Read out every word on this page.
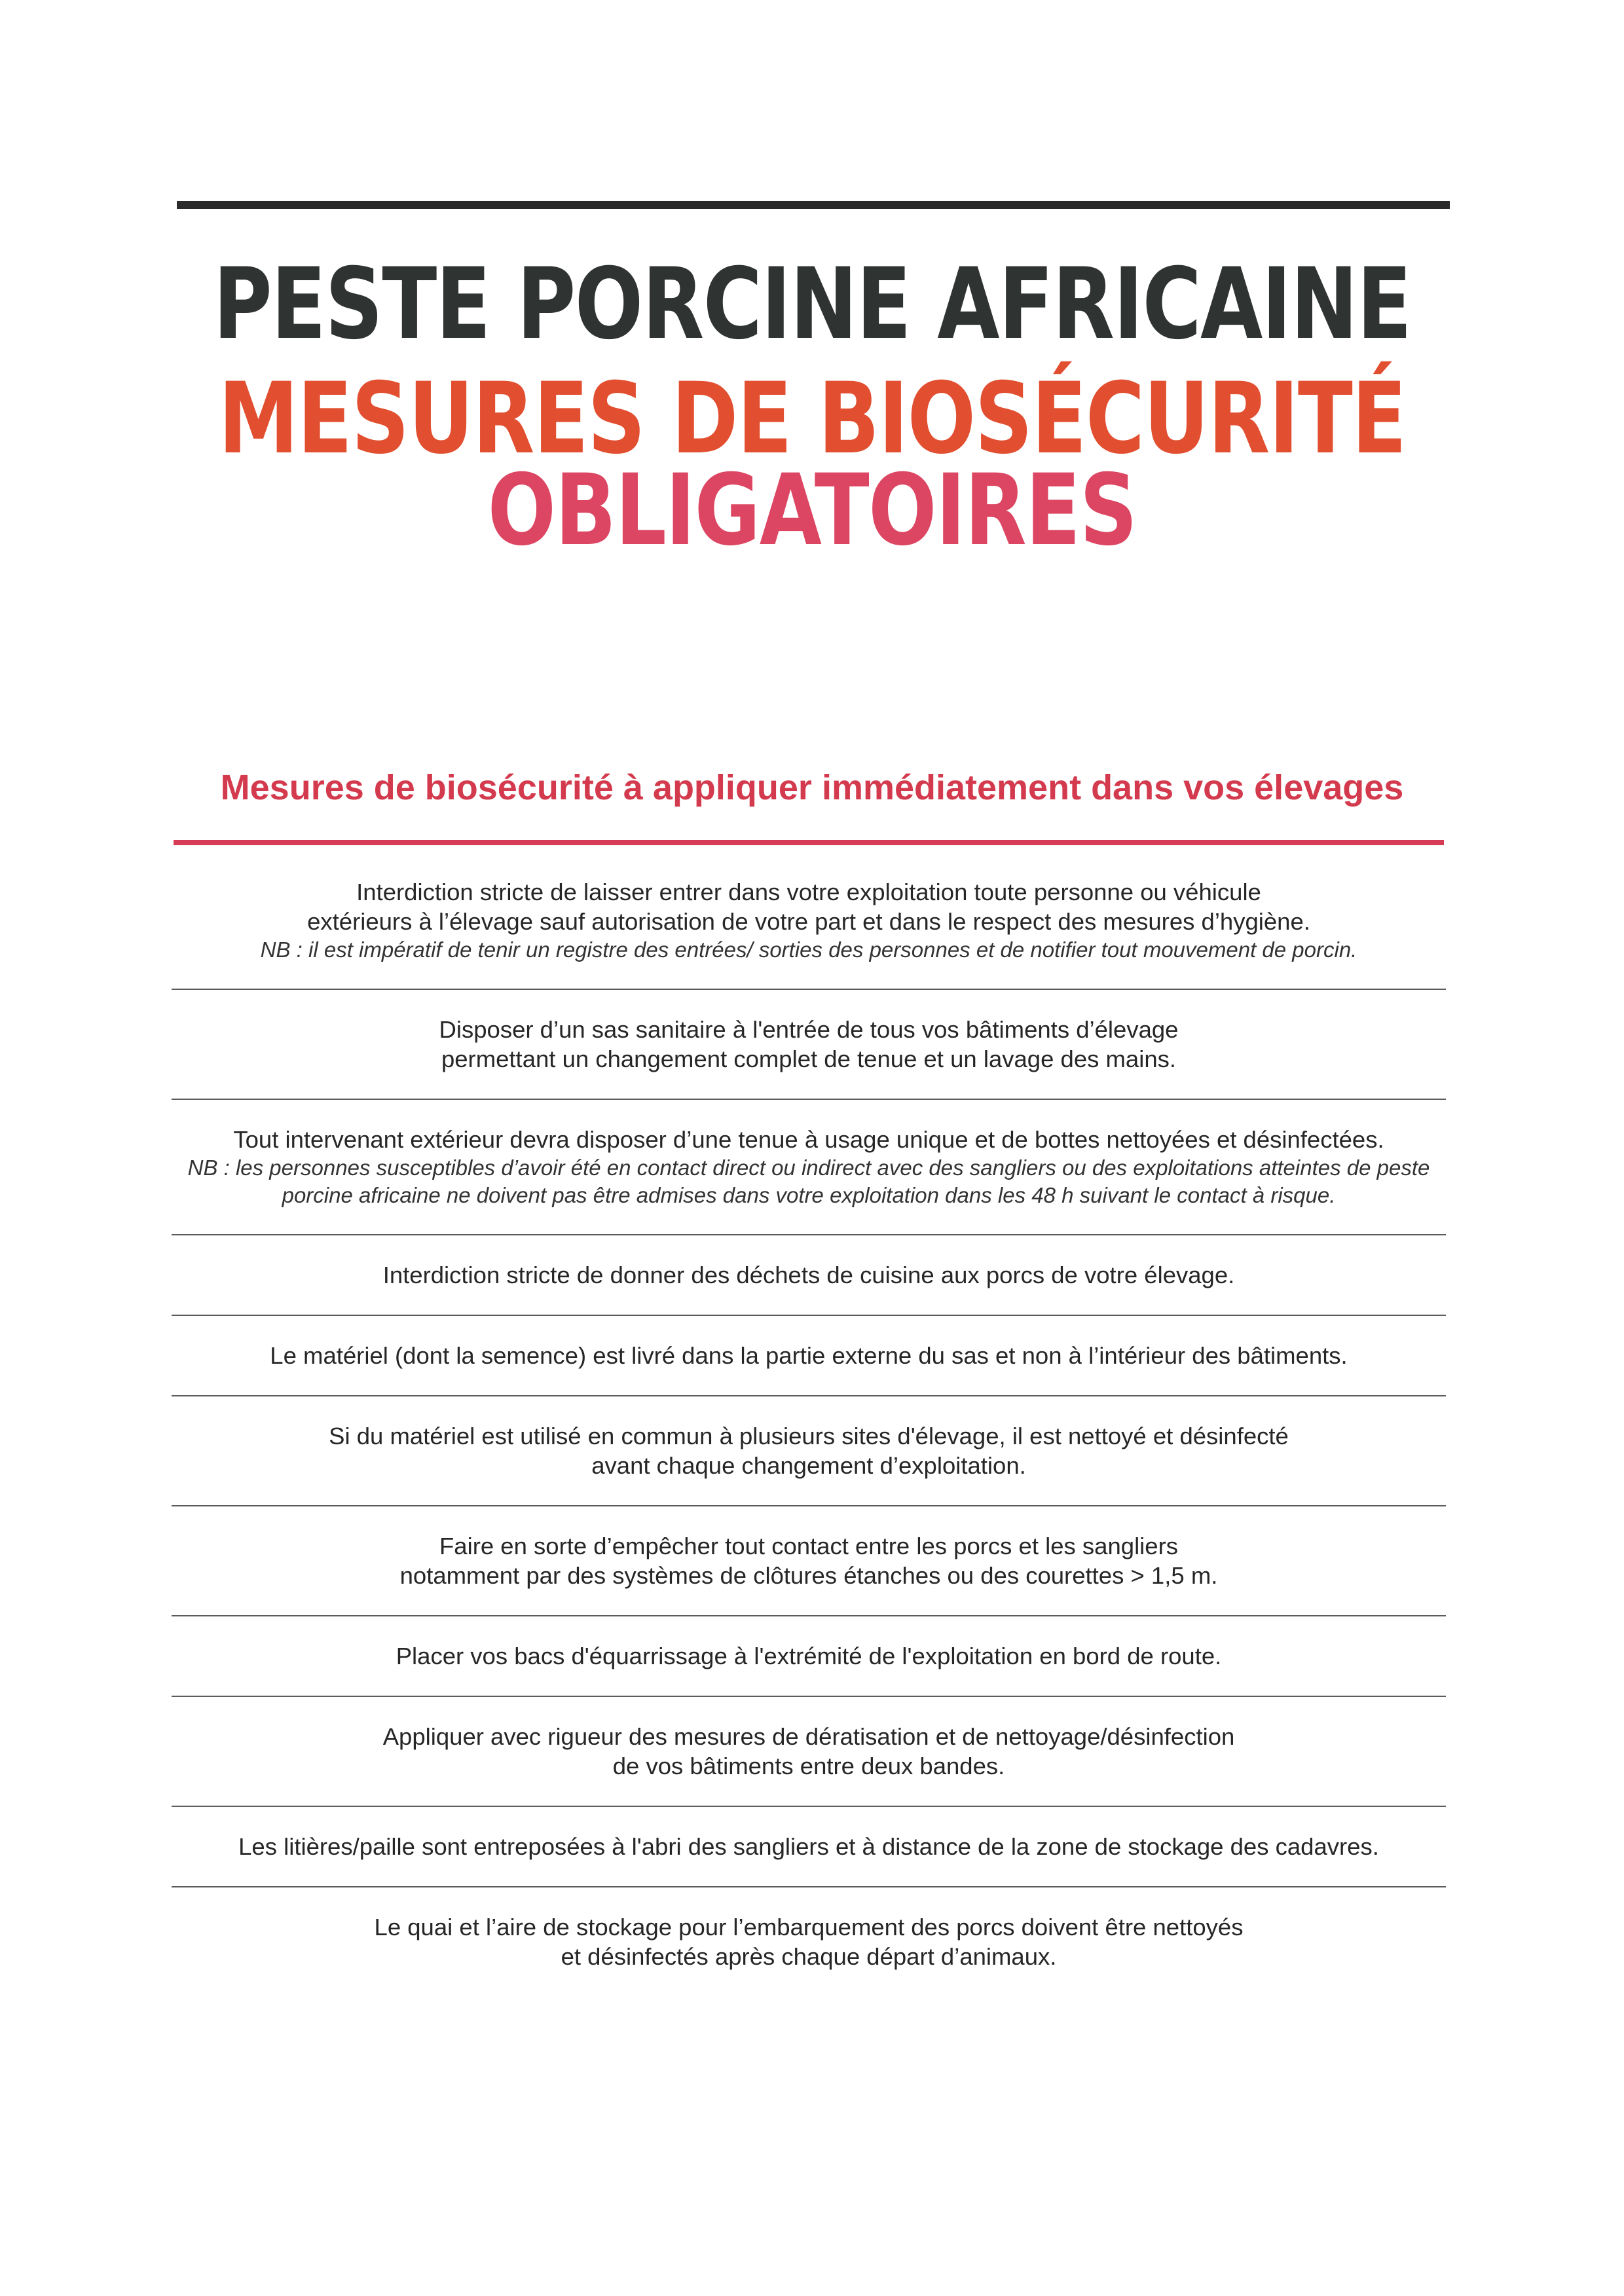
PESTE PORCINE AFRICAINE
MESURES DE BIOSÉCURITÉ
OBLIGATOIRES
Mesures de biosécurité à appliquer immédiatement dans vos élevages
Interdiction stricte de laisser entrer dans votre exploitation toute personne ou véhicule
extérieurs à l’élevage sauf autorisation de votre part et dans le respect des mesures d’hygiène.
NB : il est impératif de tenir un registre des entrées/ sorties des personnes et de notifier tout mouvement de porcin.
Disposer d’un sas sanitaire à l'entrée de tous vos bâtiments d’élevage
permettant un changement complet de tenue et un lavage des mains.
Tout intervenant extérieur devra disposer d’une tenue à usage unique et de bottes nettoyées et désinfectées.
NB : les personnes susceptibles d’avoir été en contact direct ou indirect avec des sangliers ou des exploitations atteintes de peste
porcine africaine ne doivent pas être admises dans votre exploitation dans les 48 h suivant le contact à risque.
Interdiction stricte de donner des déchets de cuisine aux porcs de votre élevage.
Le matériel (dont la semence) est livré dans la partie externe du sas et non à l’intérieur des bâtiments.
Si du matériel est utilisé en commun à plusieurs sites d'élevage, il est nettoyé et désinfecté
avant chaque changement d’exploitation.
Faire en sorte d’empêcher tout contact entre les porcs et les sangliers
notamment par des systèmes de clôtures étanches ou des courettes > 1,5 m.
Placer vos bacs d'équarrissage à l'extrémité de l'exploitation en bord de route.
Appliquer avec rigueur des mesures de dératisation et de nettoyage/désinfection
de vos bâtiments entre deux bandes.
Les litières/paille sont entreposées à l'abri des sangliers et à distance de la zone de stockage des cadavres.
Le quai et l’aire de stockage pour l’embarquement des porcs doivent être nettoyés
et désinfectés après chaque départ d’animaux.
